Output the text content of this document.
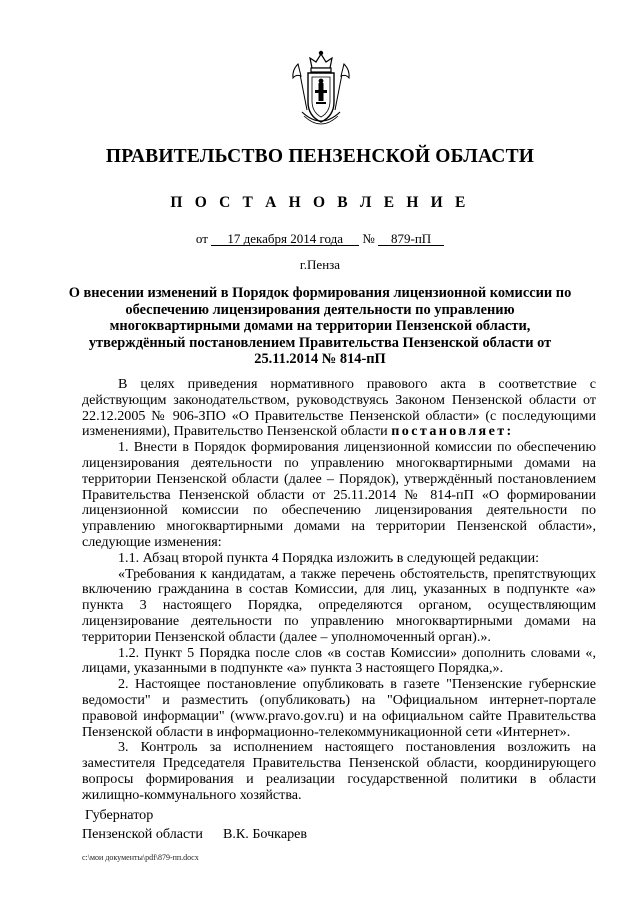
ПРАВИТЕЛЬСТВО ПЕНЗЕНСКОЙ ОБЛАСТИ
П О С Т А Н О В Л Е Н И Е
от 17 декабря 2014 года № 879-пП
г.Пенза
О внесении изменений в Порядок формирования лицензионной комиссии по обеспечению лицензирования деятельности по управлению многоквартирными домами на территории Пензенской области, утверждённый постановлением Правительства Пензенской области от 25.11.2014 № 814-пП

В целях приведения нормативного правового акта в соответствие с действующим законодательством, руководствуясь Законом Пензенской области от 22.12.2005 № 906-ЗПО «О Правительстве Пензенской области» (с последующими изменениями), Правительство Пензенской области постановляет:

1. Внести в Порядок формирования лицензионной комиссии по обеспечению лицензирования деятельности по управлению многоквартирными домами на территории Пензенской области (далее – Порядок), утверждённый постановлением Правительства Пензенской области от 25.11.2014 № 814-пП «О формировании лицензионной комиссии по обеспечению лицензирования деятельности по управлению многоквартирными домами на территории Пензенской области», следующие изменения:

1.1. Абзац второй пункта 4 Порядка изложить в следующей редакции:

«Требования к кандидатам, а также перечень обстоятельств, препятствующих включению гражданина в состав Комиссии, для лиц, указанных в подпункте «а» пункта 3 настоящего Порядка, определяются органом, осуществляющим лицензирование деятельности по управлению многоквартирными домами на территории Пензенской области (далее – уполномоченный орган).».

1.2. Пункт 5 Порядка после слов «в состав Комиссии» дополнить словами «, лицами, указанными в подпункте «а» пункта 3 настоящего Порядка,».

2. Настоящее постановление опубликовать в газете "Пензенские губернские ведомости" и разместить (опубликовать) на "Официальном интернет-портале правовой информации" (www.pravo.gov.ru) и на официальном сайте Правительства Пензенской области в информационно-телекоммуникационной сети «Интернет».

3. Контроль за исполнением настоящего постановления возложить на заместителя Председателя Правительства Пензенской области, координирующего вопросы формирования и реализации государственной политики в области жилищно-коммунального хозяйства.

Губернатор
Пензенской области В.К. Бочкарев
c:\мои документы\pdf\879-пп.docx
